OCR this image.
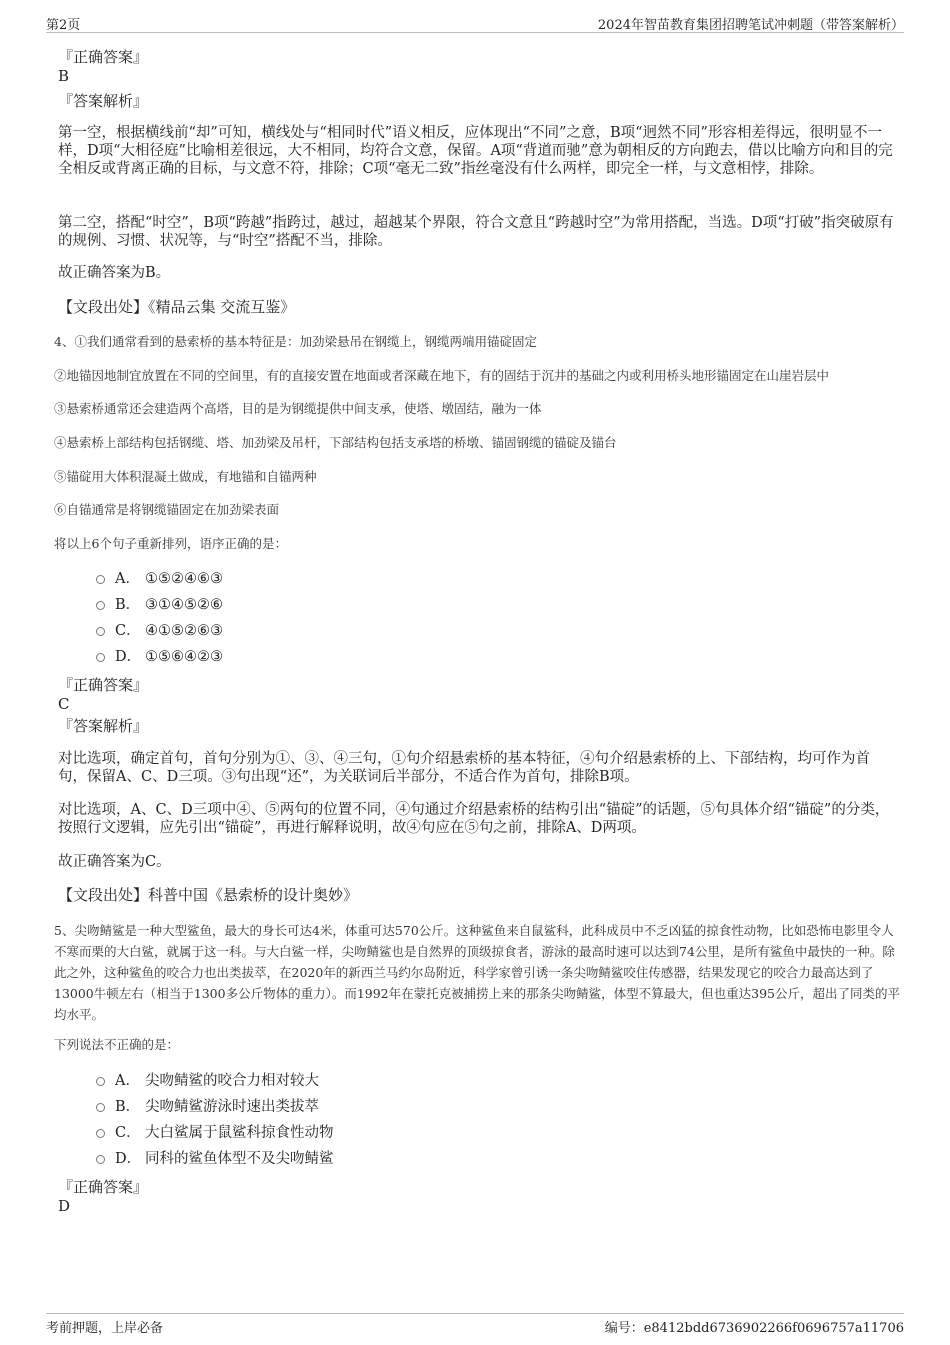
第2页	2024年智苗教育集团招聘笔试冲刺题（带答案解析）
『正确答案』
B
『答案解析』

第一空，根据横线前“却”可知，横线处与“相同时代”语义相反，应体现出“不同”之意，B项“迥然不同”形容相差得远，很明显不一样，D项“大相径庭”比喻相差很远，大不相同，均符合文意，保留。A项“背道而驰”意为朝相反的方向跑去，借以比喻方向和目的完全相反或背离正确的目标，与文意不符，排除；C项“毫无二致”指丝毫没有什么两样，即完全一样，与文意相悖，排除。

第二空，搭配“时空”，B项“跨越”指跨过，越过，超越某个界限，符合文意且“跨越时空”为常用搭配，当选。D项“打破”指突破原有的规例、习惯、状况等，与“时空”搭配不当，排除。

故正确答案为B。

【文段出处】《精品云集 交流互鉴》

4、①我们通常看到的悬索桥的基本特征是：加劲梁悬吊在钢缆上，钢缆两端用锚碇固定

②地锚因地制宜放置在不同的空间里，有的直接安置在地面或者深藏在地下，有的固结于沉井的基础之内或利用桥头地形锚固定在山崖岩层中

③悬索桥通常还会建造两个高塔，目的是为钢缆提供中间支承，使塔、墩固结，融为一体

④悬索桥上部结构包括钢缆、塔、加劲梁及吊杆，下部结构包括支承塔的桥墩、锚固钢缆的锚碇及锚台

⑤锚碇用大体积混凝土做成，有地锚和自锚两种

⑥自锚通常是将钢缆锚固定在加劲梁表面

将以上6个句子重新排列，语序正确的是：

A． ①⑤②④⑥③
B． ③①④⑤②⑥
C． ④①⑤②⑥③
D． ①⑤⑥④②③
『正确答案』
C
『答案解析』

对比选项，确定首句，首句分别为①、③、④三句，①句介绍悬索桥的基本特征，④句介绍悬索桥的上、下部结构，均可作为首句，保留A、C、D三项。③句出现“还”，为关联词后半部分，不适合作为首句，排除B项。

对比选项，A、C、D三项中④、⑤两句的位置不同，④句通过介绍悬索桥的结构引出“锚碇”的话题，⑤句具体介绍“锚碇”的分类，按照行文逻辑，应先引出“锚碇”，再进行解释说明，故④句应在⑤句之前，排除A、D两项。

故正确答案为C。

【文段出处】科普中国《悬索桥的设计奥妙》

5、尖吻鲭鲨是一种大型鲨鱼，最大的身长可达4米，体重可达570公斤。这种鲨鱼来自鼠鲨科，此科成员中不乏凶猛的掠食性动物，比如恐怖电影里令人不寒而栗的大白鲨，就属于这一科。与大白鲨一样，尖吻鲭鲨也是自然界的顶级掠食者，游泳的最高时速可以达到74公里，是所有鲨鱼中最快的一种。除此之外，这种鲨鱼的咬合力也出类拔萃，在2020年的新西兰马约尔岛附近，科学家曾引诱一条尖吻鲭鲨咬住传感器，结果发现它的咬合力最高达到了13000牛顿左右（相当于1300多公斤物体的重力）。而1992年在蒙托克被捕捞上来的那条尖吻鲭鲨，体型不算最大，但也重达395公斤，超出了同类的平均水平。

下列说法不正确的是：

A． 尖吻鲭鲨的咬合力相对较大
B． 尖吻鲭鲨游泳时速出类拔萃
C． 大白鲨属于鼠鲨科掠食性动物
D． 同科的鲨鱼体型不及尖吻鲭鲨
『正确答案』
D
考前押题，上岸必备	编号：e8412bdd6736902266f0696757a11706
